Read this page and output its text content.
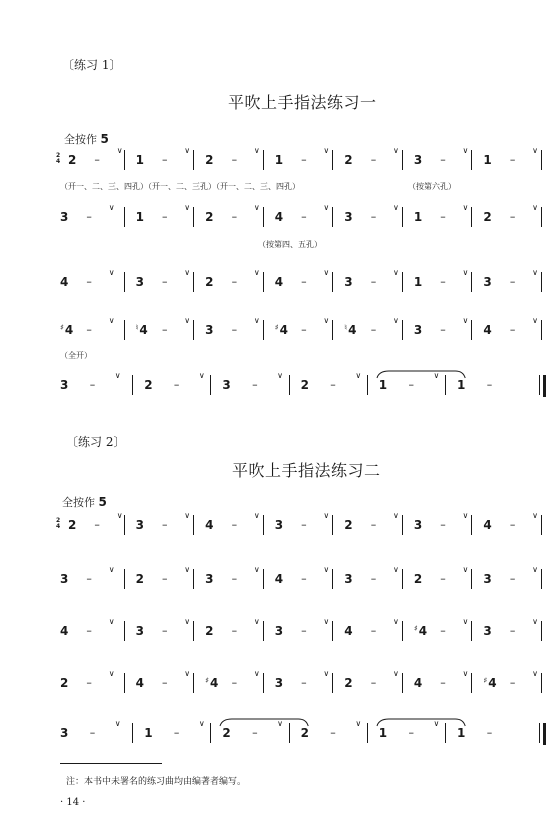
〔练习 1〕
平吹上手指法练习一
全按作 5
2
4 2 –
∨
1 –
∨
2 –
∨
1 –
∨
2 –
∨
3 –
∨
1 –
∨
3 –
∨
1 –
∨
2 –
∨
4 –
∨
3 –
∨
1 –
∨
2 –
∨
4 –
∨
3 –
∨
2 –
∨
4 –
∨
3 –
∨
1 –
∨
3 –
∨
♯4 –
∨
♮4 –
∨
3 –
∨
♯4 –
∨
♮4 –
∨
3 –
∨
4 –
∨
3 –
∨
2 –
∨
3 –
∨
2 –
∨
1 –
∨
1 –
（开一、二、三、四孔）（开一、二、三孔）（开一、二、三、四孔）	（按第六孔）
（按第四、五孔）
（全开）
〔练习 2〕
平吹上手指法练习二
全按作 5
2
4 2 –
∨
3 –
∨
4 –
∨
3 –
∨
2 –
∨
3 –
∨
4 –
∨
3 –
∨
2 –
∨
3 –
∨
4 –
∨
3 –
∨
2 –
∨
3 –
∨
4 –
∨
3 –
∨
2 –
∨
3 –
∨
4 –
∨
♯4 –
∨
3 –
∨
2 –
∨
4 –
∨
♯4 –
∨
3 –
∨
2 –
∨
4 –
∨
♯4 –
∨
3 –
∨
1 –
∨
2 –
∨
2 –
∨
1 –
∨
1 –
注：本书中未署名的练习曲均由编著者编写。
· 14 ·
